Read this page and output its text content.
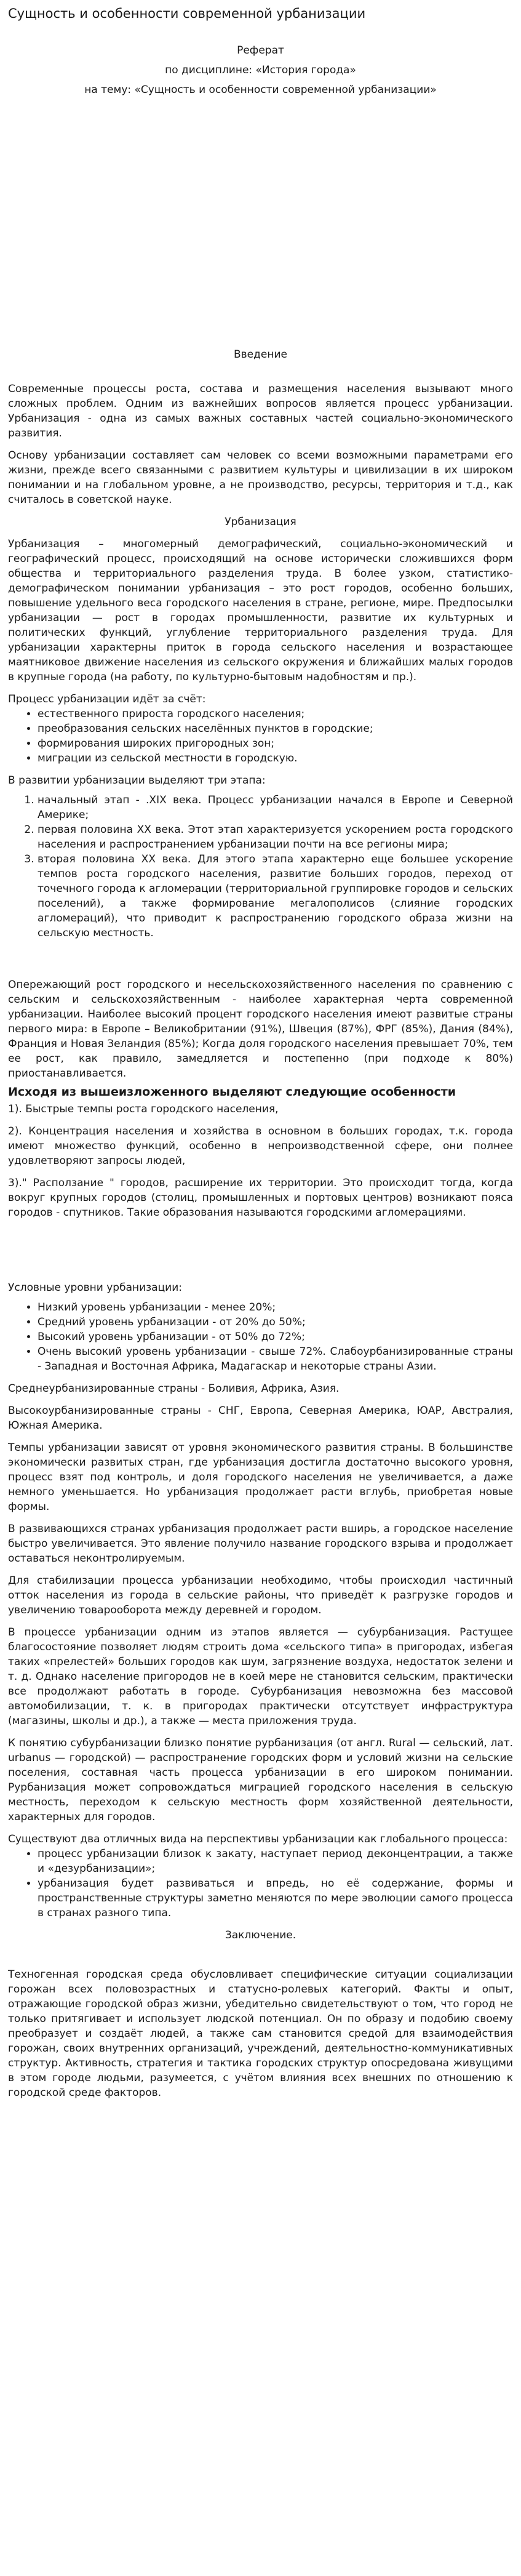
Сущность и особенности современной урбанизации

Реферат

по дисциплине: «История города»

на тему: «Сущность и особенности современной урбанизации»

Введение

Современные процессы роста, состава и размещения населения вызывают много сложных проблем. Одним из важнейших вопросов является процесс урбанизации. Урбанизация - одна из самых важных составных частей социально-экономического развития.

Основу урбанизации составляет сам человек со всеми возможными параметрами его жизни, прежде всего связанными с развитием культуры и цивилизации в их широком понимании и на глобальном уровне, а не производство, ресурсы, территория и т.д., как считалось в советской науке.

Урбанизация

Урбанизация – многомерный демографический, социально-экономический и географический процесс, происходящий на основе исторически сложившихся форм общества и территориального разделения труда. В более узком, статистико-демографическом понимании урбанизация – это рост городов, особенно больших, повышение удельного веса городского населения в стране, регионе, мире. Предпосылки урбанизации — рост в городах промышленности, развитие их культурных и политических функций, углубление территориального разделения труда. Для урбанизации характерны приток в города сельского населения и возрастающее маятниковое движение населения из сельского окружения и ближайших малых городов в крупные города (на работу, по культурно-бытовым надобностям и пр.).

Процесс урбанизации идёт за счёт:

• естественного прироста городского населения;
• преобразования сельских населённых пунктов в городские;
• формирования широких пригородных зон;
• миграции из сельской местности в городскую.

В развитии урбанизации выделяют три этапа:

1. начальный этап - .XIX века. Процесс урбанизации начался в Европе и Северной Америке;
2. первая половина XX века. Этот этап характеризуется ускорением роста городского населения и распространением урбанизации почти на все регионы мира;
3. вторая половина XX века. Для этого этапа характерно еще большее ускорение темпов роста городского населения, развитие больших городов, переход от точечного города к агломерации (территориальной группировке городов и сельских поселений), а также формирование мегалополисов (слияние городских агломераций), что приводит к распространению городского образа жизни на сельскую местность.

Опережающий рост городского и несельскохозяйственного населения по сравнению с сельским и сельскохозяйственным - наиболее характерная черта современной урбанизации. Наиболее высокий процент городского населения имеют развитые страны первого мира: в Европе – Великобритании (91%), Швеция (87%), ФРГ (85%), Дания (84%), Франция и Новая Зеландия (85%); Когда доля городского населения превышает 70%, тем ее рост, как правило, замедляется и постепенно (при подходе к 80%) приостанавливается.

Исходя из вышеизложенного выделяют следующие особенности

1). Быстрые темпы роста городского населения,

2). Концентрация населения и хозяйства в основном в больших городах, т.к. города имеют множество функций, особенно в непроизводственной сфере, они полнее удовлетворяют запросы людей,

3)." Расползание " городов, расширение их территории. Это происходит тогда, когда вокруг крупных городов (столиц, промышленных и портовых центров) возникают пояса городов - спутников. Такие образования называются городскими агломерациями.

Условные уровни урбанизации:

• Низкий уровень урбанизации - менее 20%;
• Средний уровень урбанизации - от 20% до 50%;
• Высокий уровень урбанизации - от 50% до 72%;
• Очень высокий уровень урбанизации - свыше 72%. Слабоурбанизированные страны - Западная и Восточная Африка, Мадагаскар и некоторые страны Азии.

Среднеурбанизированные страны - Боливия, Африка, Азия.

Высокоурбанизированные страны - СНГ, Европа, Северная Америка, ЮАР, Австралия, Южная Америка.

Темпы урбанизации зависят от уровня экономического развития страны. В большинстве экономически развитых стран, где урбанизация достигла достаточно высокого уровня, процесс взят под контроль, и доля городского населения не увеличивается, а даже немного уменьшается. Но урбанизация продолжает расти вглубь, приобретая новые формы.

В развивающихся странах урбанизация продолжает расти вширь, а городское население быстро увеличивается. Это явление получило название городского взрыва и продолжает оставаться неконтролируемым.

Для стабилизации процесса урбанизации необходимо, чтобы происходил частичный отток населения из города в сельские районы, что приведёт к разгрузке городов и увеличению товарооборота между деревней и городом.

В процессе урбанизации одним из этапов является — субурбанизация. Растущее благосостояние позволяет людям строить дома «сельского типа» в пригородах, избегая таких «прелестей» больших городов как шум, загрязнение воздуха, недостаток зелени и т. д. Однако население пригородов не в коей мере не становится сельским, практически все продолжают работать в городе. Субурбанизация невозможна без массовой автомобилизации, т. к. в пригородах практически отсутствует инфраструктура (магазины, школы и др.), а также — места приложения труда.

К понятию субурбанизации близко понятие рурбанизация (от англ. Rural — сельский, лат. urbanus — городской) — распространение городских форм и условий жизни на сельские поселения, составная часть процесса урбанизации в его широком понимании. Рурбанизация может сопровождаться миграцией городского населения в сельскую местность, переходом к сельскую местность форм хозяйственной деятельности, характерных для городов.

Существуют два отличных вида на перспективы урбанизации как глобального процесса:

• процесс урбанизации близок к закату, наступает период деконцентрации, а также и «дезурбанизации»;
• урбанизация будет развиваться и впредь, но её содержание, формы и пространственные структуры заметно меняются по мере эволюции самого процесса в странах разного типа.

Заключение.

Техногенная городская среда обусловливает специфические ситуации социализации горожан всех половозрастных и статусно-ролевых категорий. Факты и опыт, отражающие городской образ жизни, убедительно свидетельствуют о том, что город не только притягивает и использует людской потенциал. Он по образу и подобию своему преобразует и создаёт людей, а также сам становится средой для взаимодействия горожан, своих внутренних организаций, учреждений, деятельностно-коммуникативных структур. Активность, стратегия и тактика городских структур опосредована живущими в этом городе людьми, разумеется, с учётом влияния всех внешних по отношению к городской среде факторов.
